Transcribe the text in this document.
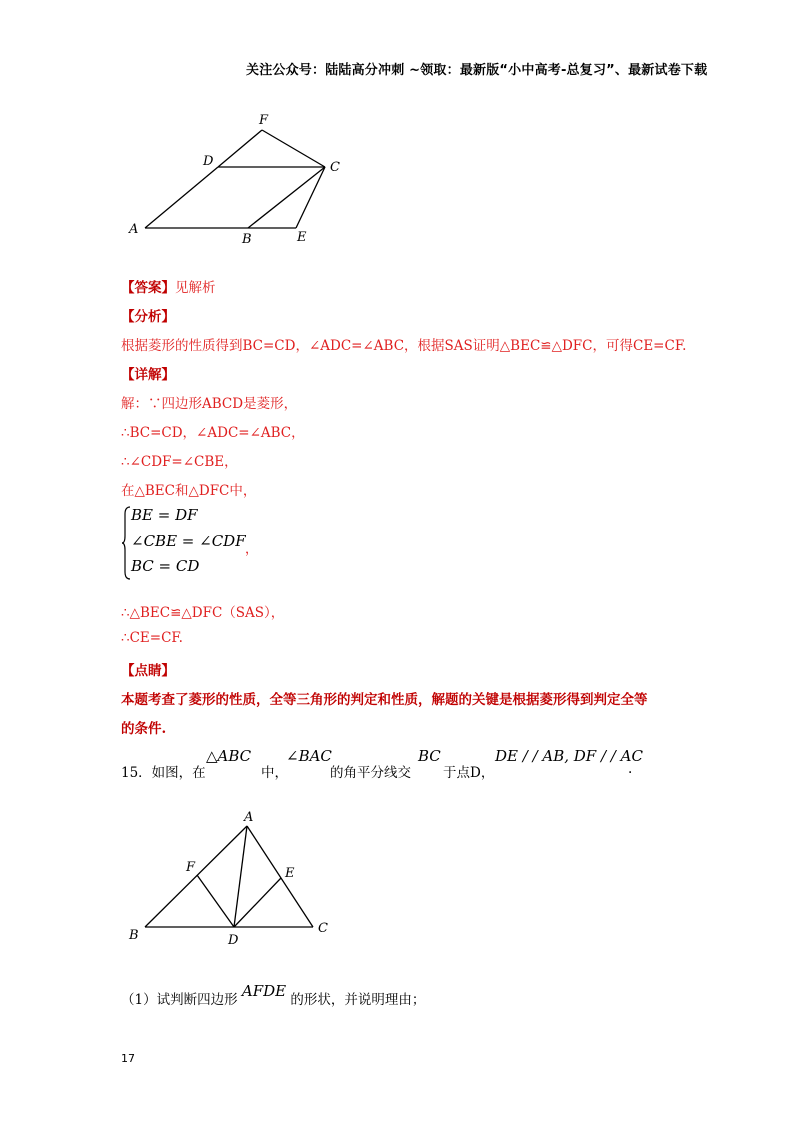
关注公众号：陆陆高分冲刺 ~领取：最新版“小中高考-总复习”、最新试卷下载
F
D	C
A
B	E
【答案】见解析
【分析】
根据菱形的性质得到BC=CD，∠ADC=∠ABC，根据SAS证明△BEC≌△DFC，可得CE=CF.
【详解】
解：∵四边形ABCD是菱形，
∴BC=CD，∠ADC=∠ABC，
∴∠CDF=∠CBE，
在△BEC和△DFC中，
BE = DF
∠CBE = ∠CDF
BC = CD
，
∴△BEC≌△DFC（SAS），
∴CE=CF.
【点睛】
本题考查了菱形的性质，全等三角形的判定和性质，解题的关键是根据菱形得到判定全等
的条件.
15．如图，在
△ABC
中，
∠BAC
的角平分线交
BC
于点D，
DE / / AB, DF / / AC
.
A
F	E
B	D
C
（1）试判断四边形 AFDE 的形状，并说明理由；
17
